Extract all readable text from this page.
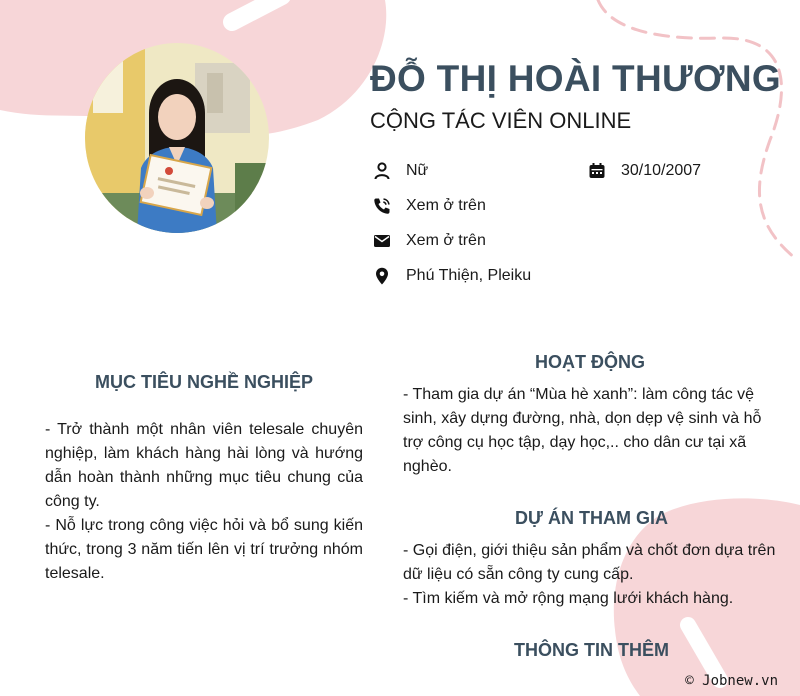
ĐỖ THỊ HOÀI THƯƠNG
CỘNG TÁC VIÊN ONLINE
Nữ	30/10/2007
Xem ở trên
Xem ở trên
Phú Thiện, Pleiku
MỤC TIÊU NGHỀ NGHIỆP

- Trở thành một nhân viên telesale chuyên nghiệp, làm khách hàng hài lòng và hướng dẫn hoàn thành những mục tiêu chung của công ty.

- Nỗ lực trong công việc hỏi và bổ sung kiến thức, trong 3 năm tiến lên vị trí trưởng nhóm telesale.

HOẠT ĐỘNG

- Tham gia dự án “Mùa hè xanh”: làm công tác vệ sinh, xây dựng đường, nhà, dọn dẹp vệ sinh và hỗ trợ công cụ học tập, dạy học,.. cho dân cư tại xã nghèo.

DỰ ÁN THAM GIA

- Gọi điện, giới thiệu sản phẩm và chốt đơn dựa trên dữ liệu có sẵn công ty cung cấp.

- Tìm kiếm và mở rộng mạng lưới khách hàng.

THÔNG TIN THÊM
© Jobnew.vn
